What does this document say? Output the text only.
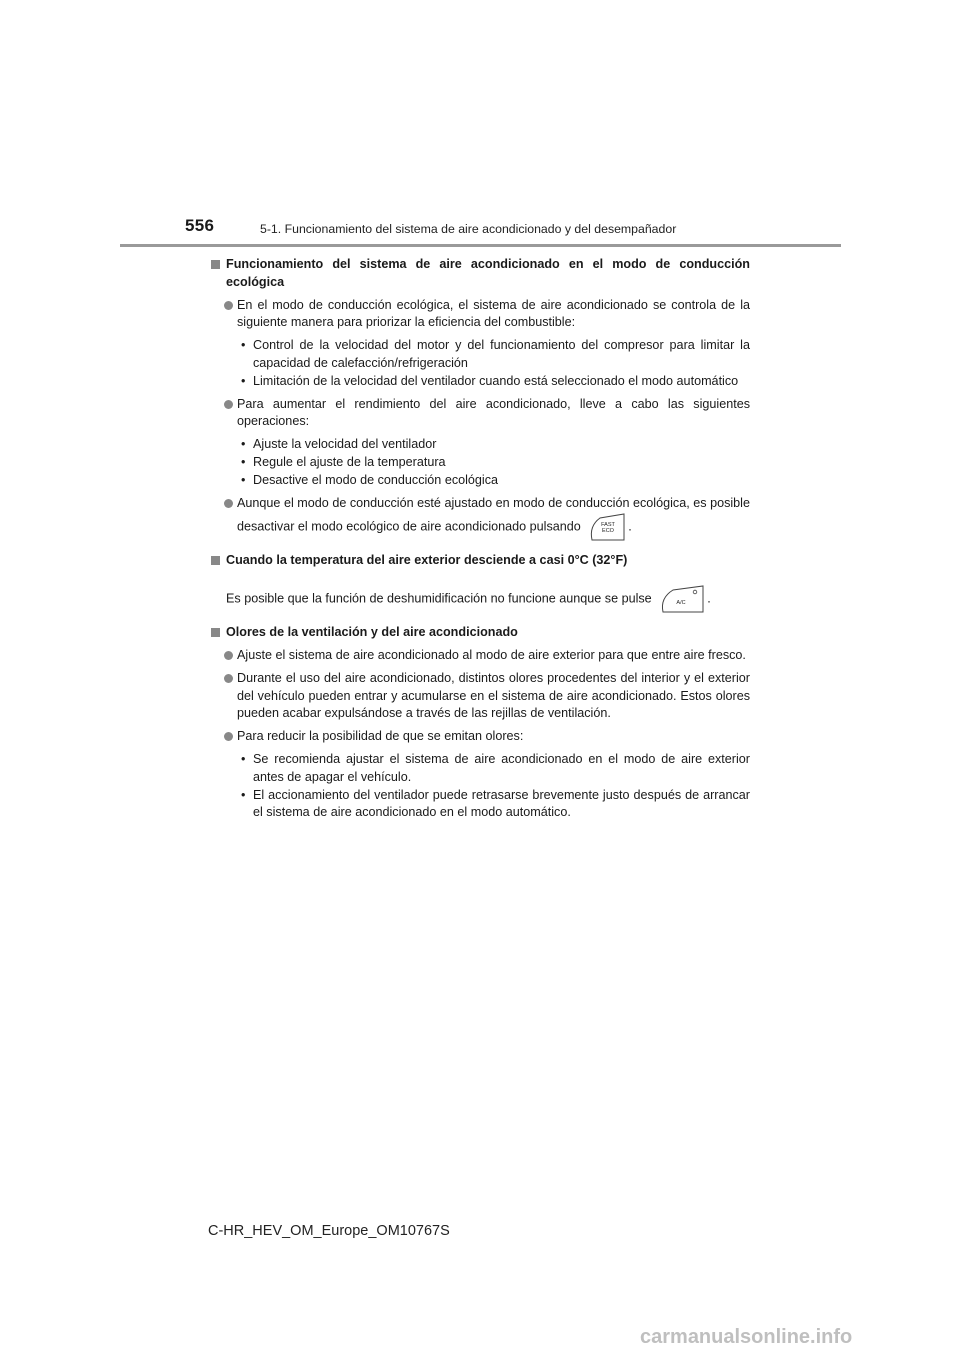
556	5-1. Funcionamiento del sistema de aire acondicionado y del desempañador
Funcionamiento del sistema de aire acondicionado en el modo de conducción ecológica
En el modo de conducción ecológica, el sistema de aire acondicionado se controla de la siguiente manera para priorizar la eficiencia del combustible:
• Control de la velocidad del motor y del funcionamiento del compresor para limitar la capacidad de calefacción/refrigeración
• Limitación de la velocidad del ventilador cuando está seleccionado el modo automático
Para aumentar el rendimiento del aire acondicionado, lleve a cabo las siguientes operaciones:
• Ajuste la velocidad del ventilador
• Regule el ajuste de la temperatura
• Desactive el modo de conducción ecológica
Aunque el modo de conducción esté ajustado en modo de conducción ecológica, es posible desactivar el modo ecológico de aire acondicionado pulsando	FAST
ECO .
Cuando la temperatura del aire exterior desciende a casi 0°C (32°F)
Es posible que la función de deshumidificación no funcione aunque se pulse	A/C .
Olores de la ventilación y del aire acondicionado
Ajuste el sistema de aire acondicionado al modo de aire exterior para que entre aire fresco.
Durante el uso del aire acondicionado, distintos olores procedentes del interior y el exterior del vehículo pueden entrar y acumularse en el sistema de aire acondicionado. Estos olores pueden acabar expulsándose a través de las rejillas de ventilación.
Para reducir la posibilidad de que se emitan olores:
• Se recomienda ajustar el sistema de aire acondicionado en el modo de aire exterior antes de apagar el vehículo.
• El accionamiento del ventilador puede retrasarse brevemente justo después de arrancar el sistema de aire acondicionado en el modo automático.
C-HR_HEV_OM_Europe_OM10767S
carmanualsonline.info
